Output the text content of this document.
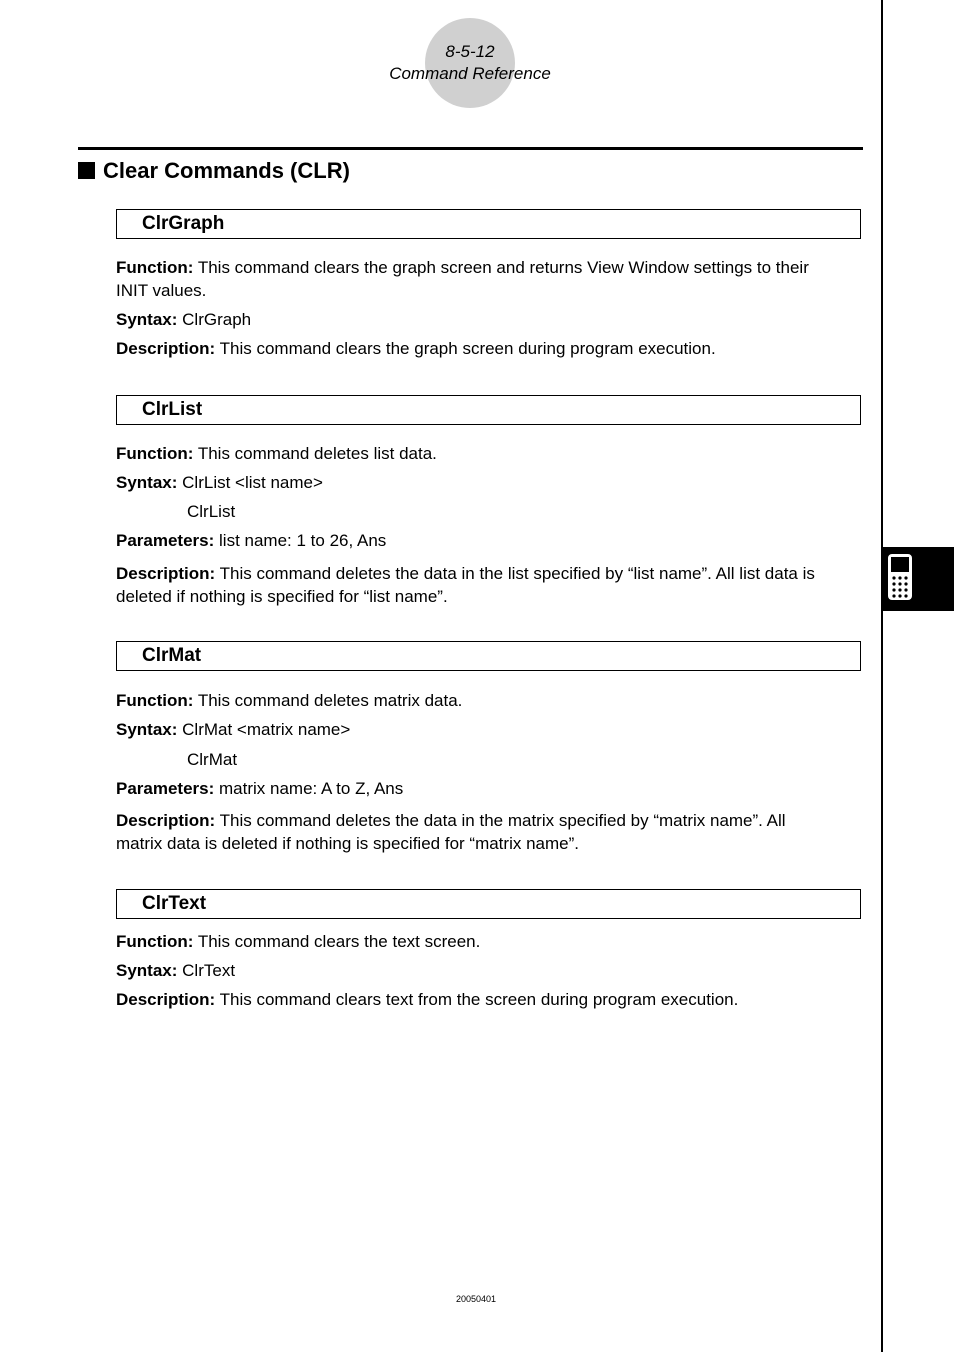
8-5-12
Command Reference
Clear Commands (CLR)
ClrGraph
Function: This command clears the graph screen and returns View Window settings to their
INIT values.
Syntax: ClrGraph
Description: This command clears the graph screen during program execution.
ClrList
Function: This command deletes list data.
Syntax: ClrList <list name>
ClrList
Parameters: list name: 1 to 26, Ans
Description: This command deletes the data in the list specified by “list name”. All list data is
deleted if nothing is specified for “list name”.
ClrMat
Function: This command deletes matrix data.
Syntax: ClrMat <matrix name>
ClrMat
Parameters: matrix name: A to Z, Ans
Description: This command deletes the data in the matrix specified by “matrix name”. All
matrix data is deleted if nothing is specified for “matrix name”.
ClrText
Function: This command clears the text screen.
Syntax: ClrText
Description: This command clears text from the screen during program execution.
20050401
